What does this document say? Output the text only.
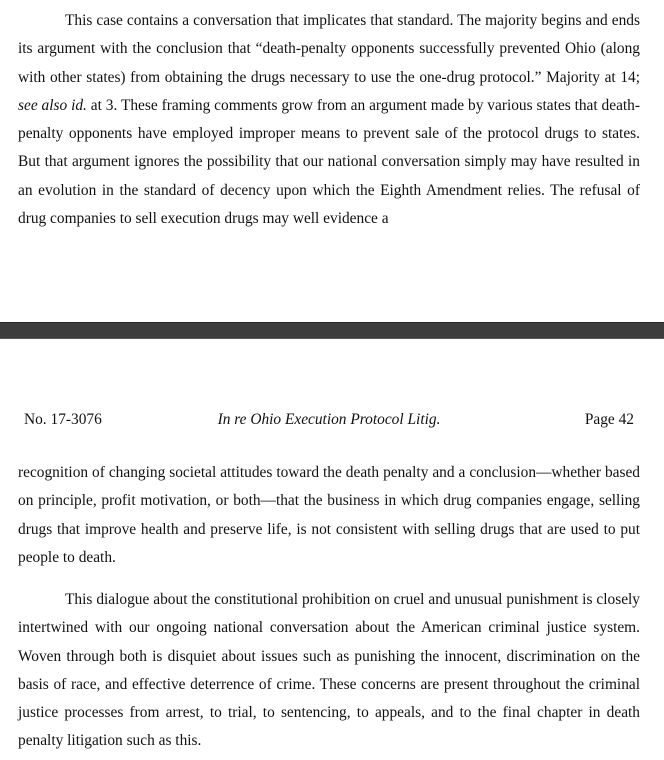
This case contains a conversation that implicates that standard. The majority begins and ends its argument with the conclusion that “death-penalty opponents successfully prevented Ohio (along with other states) from obtaining the drugs necessary to use the one-drug protocol.” Majority at 14; see also id. at 3. These framing comments grow from an argument made by various states that death-penalty opponents have employed improper means to prevent sale of the protocol drugs to states. But that argument ignores the possibility that our national conversation simply may have resulted in an evolution in the standard of decency upon which the Eighth Amendment relies. The refusal of drug companies to sell execution drugs may well evidence a

No. 17-3076	In re Ohio Execution Protocol Litig.	Page 42

recognition of changing societal attitudes toward the death penalty and a conclusion—whether based on principle, profit motivation, or both—that the business in which drug companies engage, selling drugs that improve health and preserve life, is not consistent with selling drugs that are used to put people to death.

This dialogue about the constitutional prohibition on cruel and unusual punishment is closely intertwined with our ongoing national conversation about the American criminal justice system. Woven through both is disquiet about issues such as punishing the innocent, discrimination on the basis of race, and effective deterrence of crime. These concerns are present throughout the criminal justice processes from arrest, to trial, to sentencing, to appeals, and to the final chapter in death penalty litigation such as this.
